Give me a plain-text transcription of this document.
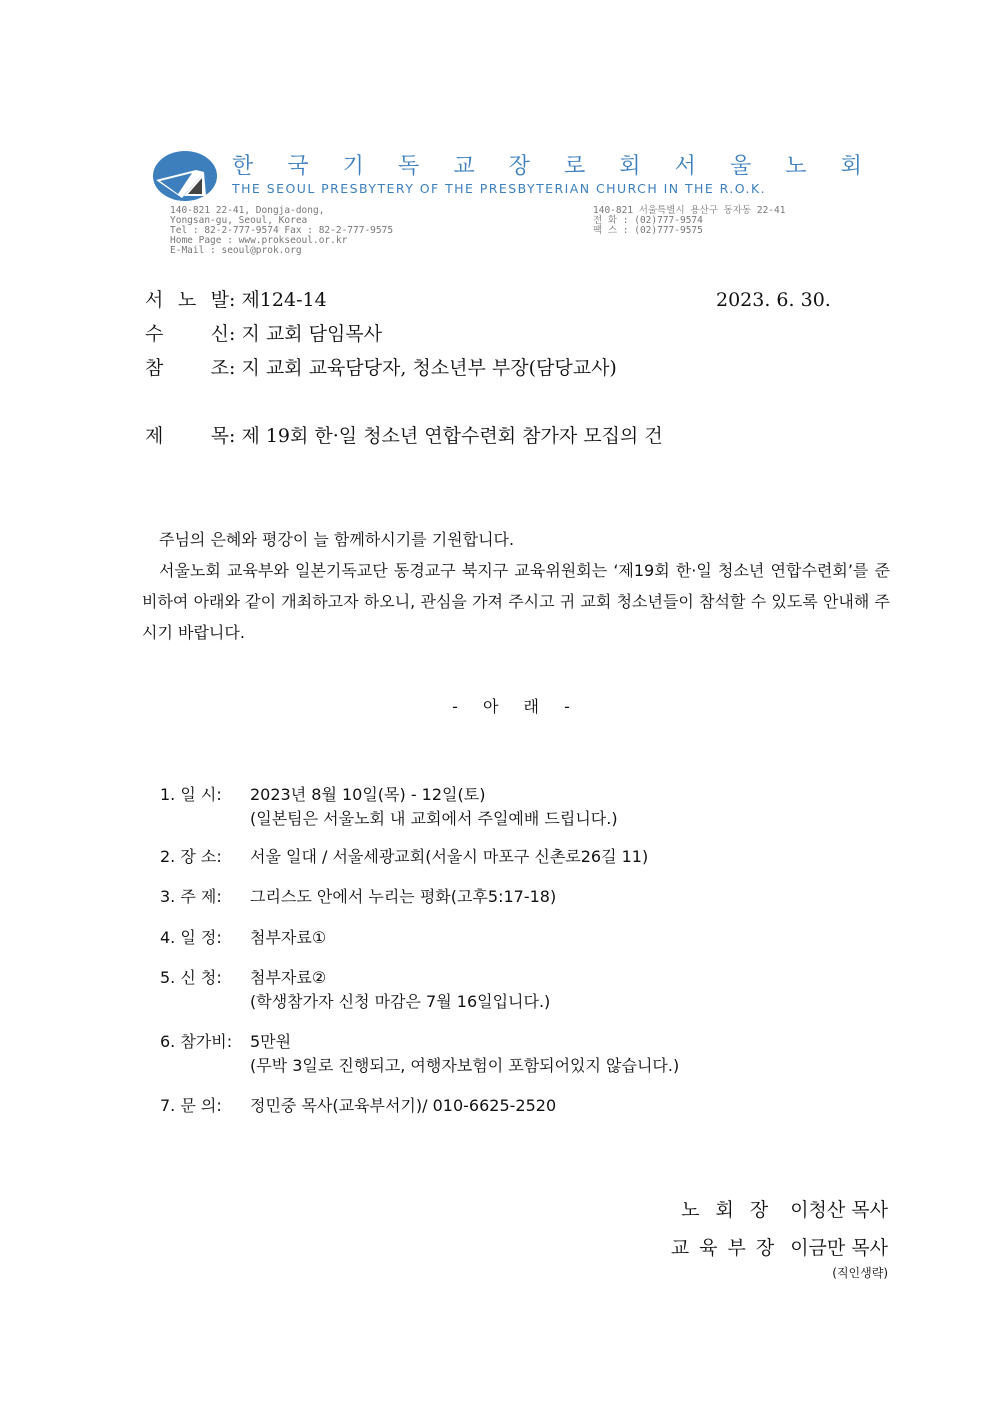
한 국 기 독 교 장 로 회 서 울 노 회
THE SEOUL PRESBYTERY OF THE PRESBYTERIAN CHURCH IN THE R.O.K.
140-821 22-41, Dongja-dong,
Yongsan-gu, Seoul, Korea
Tel : 82-2-777-9574 Fax : 82-2-777-9575
Home Page : www.prokseoul.or.kr
E-Mail : seoul@prok.org
140-821 서울특별시 용산구 동자동 22-41
전 화 : (02)777-9574
팩 스 : (02)777-9575
서 노 발 : 제124-14	2023. 6. 30.
수 신 : 지 교회 담임목사
참 조 : 지 교회 교육담당자, 청소년부 부장(담당교사)
제 목 : 제 19회 한·일 청소년 연합수련회 참가자 모집의 건

주님의 은혜와 평강이 늘 함께하시기를 기원합니다.

서울노회 교육부와 일본기독교단 동경교구 북지구 교육위원회는 ‘제19회 한·일 청소년 연합수련회’를 준비하여 아래와 같이 개최하고자 하오니, 관심을 가져 주시고 귀 교회 청소년들이 참석할 수 있도록 안내해 주시기 바랍니다.

- 아 래 -
1. 일 시: 2023년 8월 10일(목) - 12일(토)
(일본팀은 서울노회 내 교회에서 주일예배 드립니다.)
2. 장 소: 서울 일대 / 서울세광교회(서울시 마포구 신촌로26길 11)
3. 주 제: 그리스도 안에서 누리는 평화(고후5:17-18)
4. 일 정: 첨부자료①
5. 신 청: 첨부자료②
(학생참가자 신청 마감은 7월 16일입니다.)
6. 참가비: 5만원
(무박 3일로 진행되고, 여행자보험이 포함되어있지 않습니다.)
7. 문 의: 정민중 목사(교육부서기)/ 010-6625-2520
노회장 이청산 목사
교육부장 이금만 목사
(직인생략)
